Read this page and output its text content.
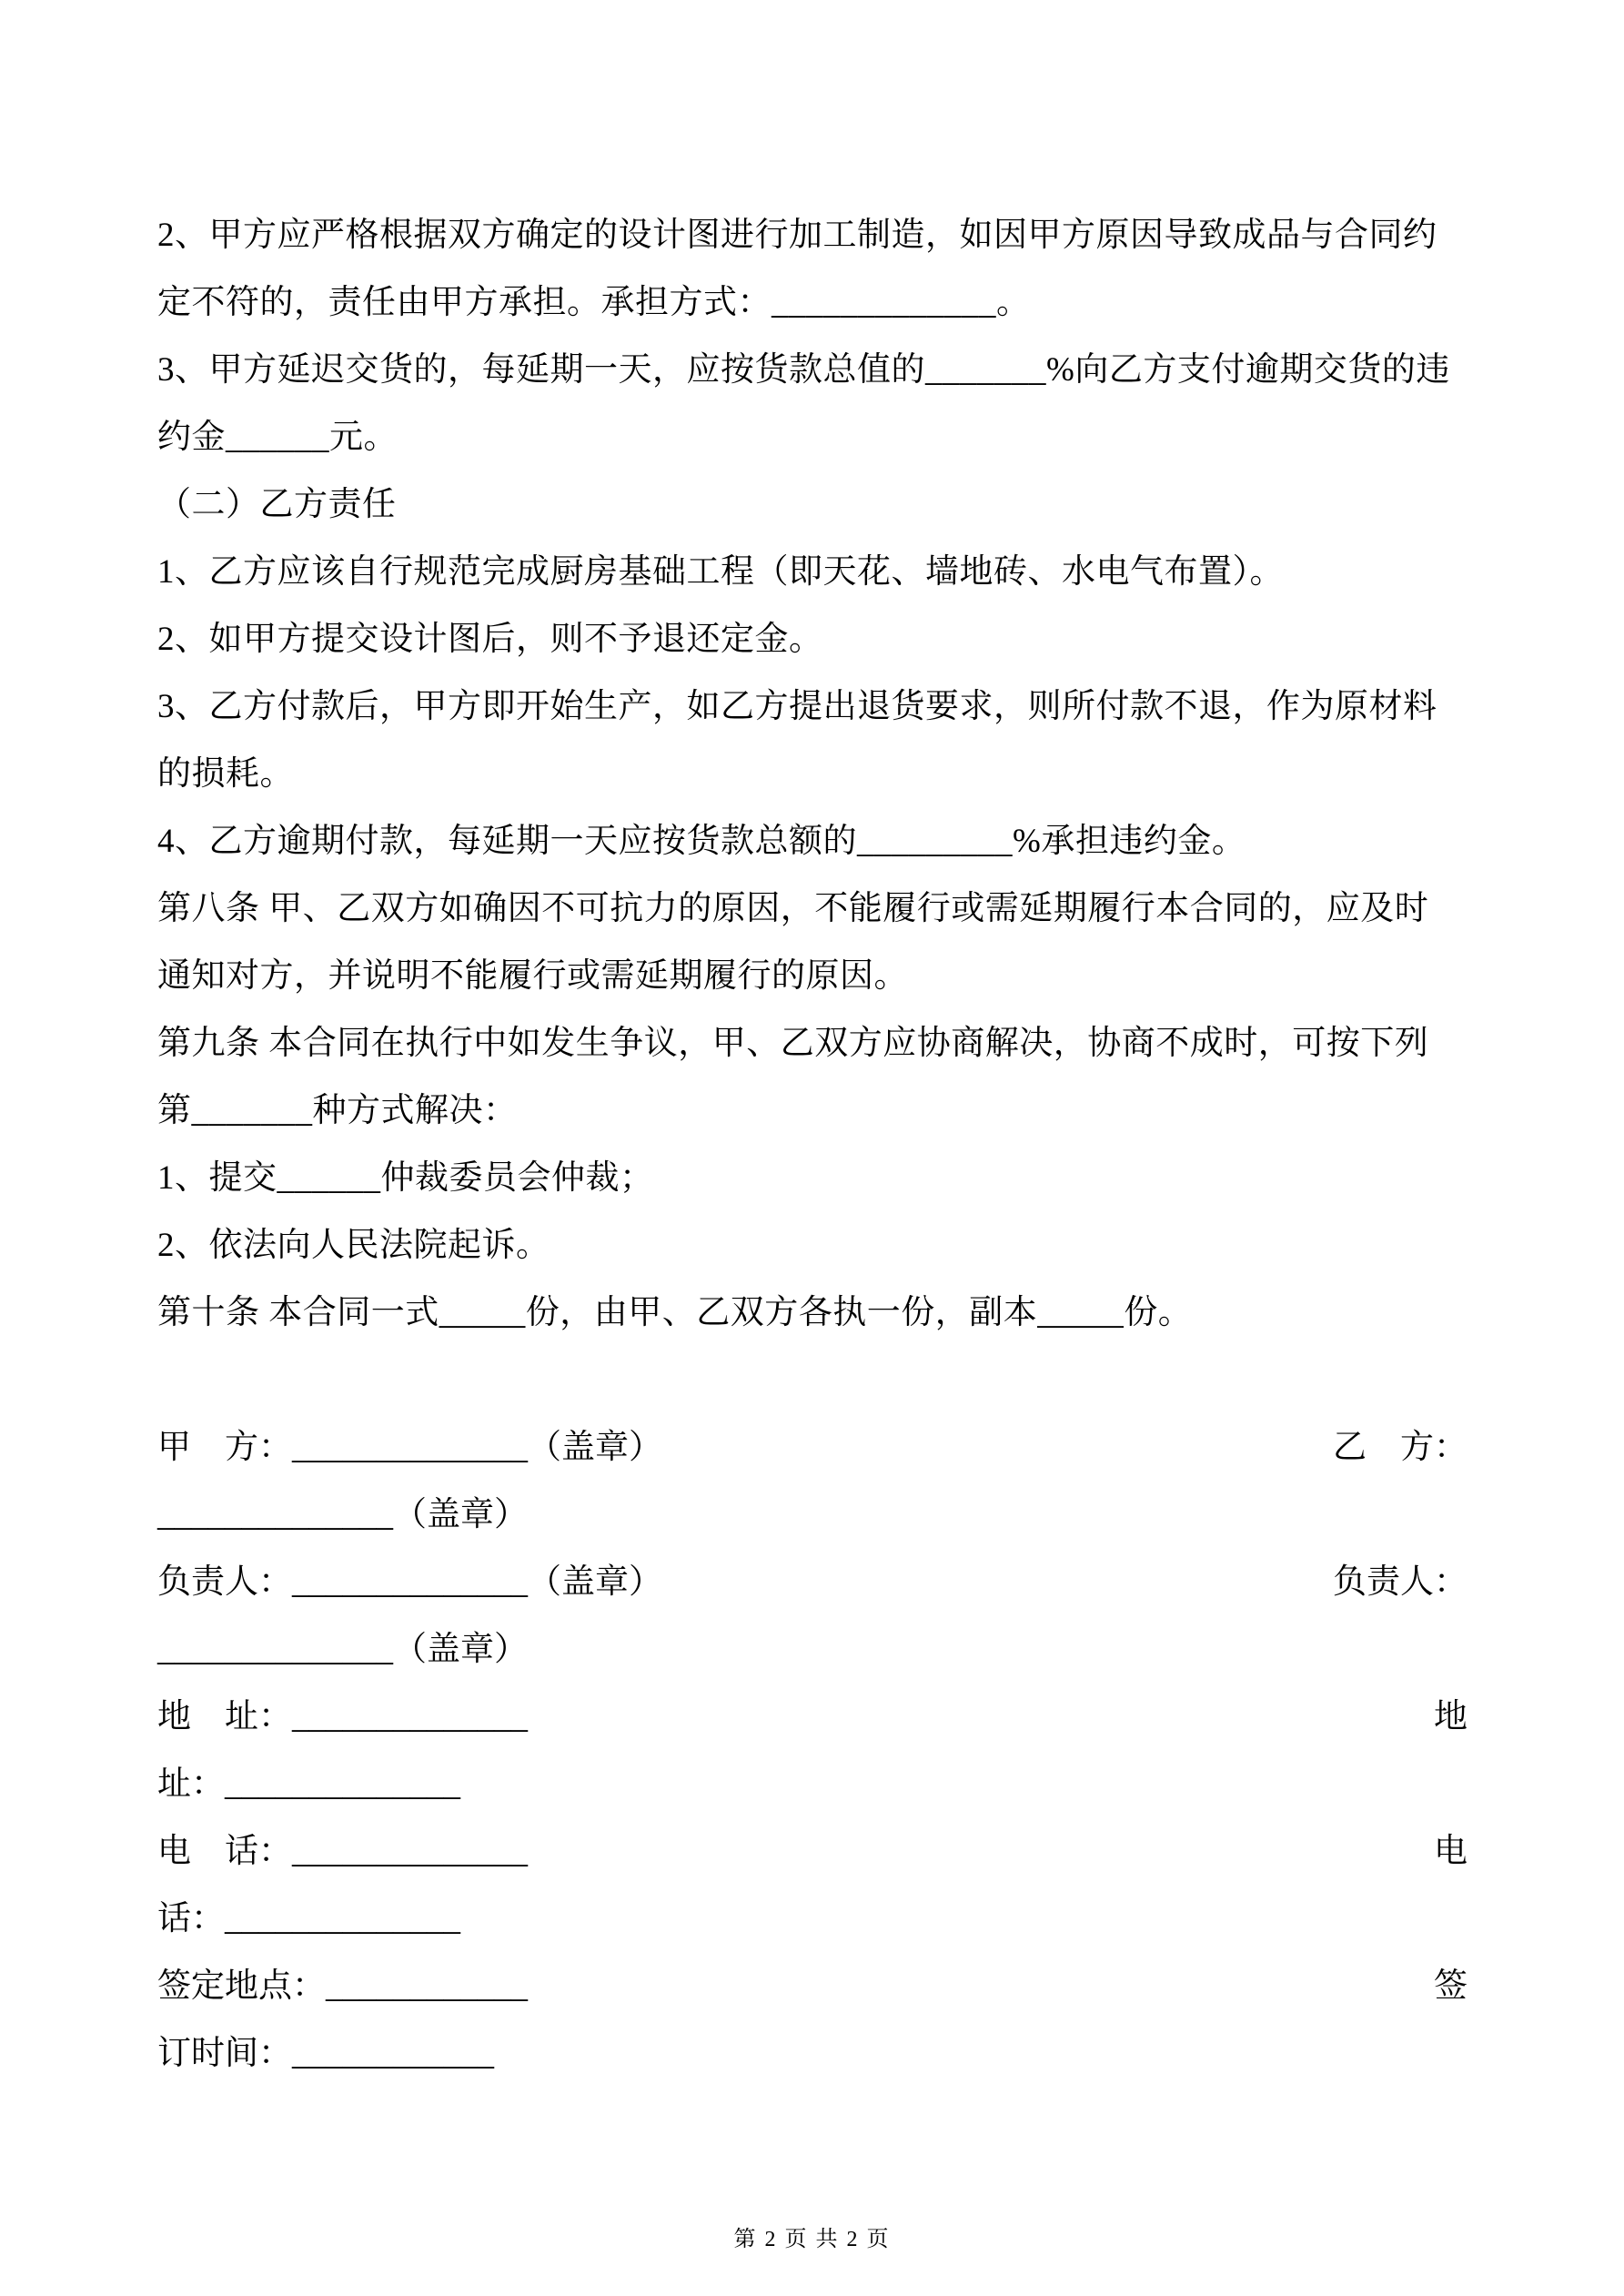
2、甲方应严格根据双方确定的设计图进行加工制造，如因甲方原因导致成品与合同约
定不符的，责任由甲方承担。承担方式：_____________。
3、甲方延迟交货的，每延期一天，应按货款总值的_______%向乙方支付逾期交货的违
约金______元。
（二）乙方责任
1、乙方应该自行规范完成厨房基础工程（即天花、墙地砖、水电气布置）。
2、如甲方提交设计图后，则不予退还定金。
3、乙方付款后，甲方即开始生产，如乙方提出退货要求，则所付款不退，作为原材料
的损耗。
4、乙方逾期付款，每延期一天应按货款总额的_________%承担违约金。
第八条 甲、乙双方如确因不可抗力的原因，不能履行或需延期履行本合同的，应及时
通知对方，并说明不能履行或需延期履行的原因。
第九条 本合同在执行中如发生争议，甲、乙双方应协商解决，协商不成时，可按下列
第_______种方式解决：
1、提交______仲裁委员会仲裁；
2、依法向人民法院起诉。
第十条 本合同一式_____份，由甲、乙双方各执一份，副本_____份。
甲　方：______________（盖章）	乙　方：
______________（盖章）
负责人：______________（盖章）	负责人：
______________（盖章）
地　址：______________	地
址：______________
电　话：______________	电
话：______________
签定地点：____________	签
订时间：____________
第 2 页 共 2 页
